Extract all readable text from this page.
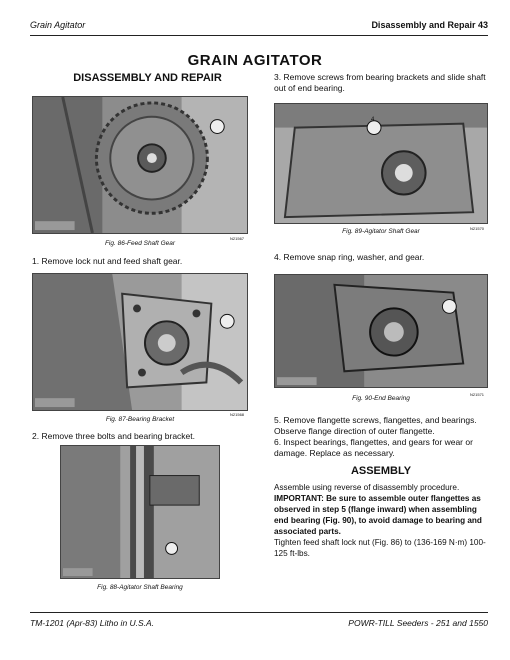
Grain Agitator	Disassembly and Repair 43
GRAIN AGITATOR
DISASSEMBLY AND REPAIR
Fig. 86-Feed Shaft Gear
N21567
1. Remove lock nut and feed shaft gear.
Fig. 87-Bearing Bracket
N21568
2. Remove three bolts and bearing bracket.
Fig. 88-Agitator Shaft Bearing
3. Remove screws from bearing brackets and slide shaft out of end bearing.
4
Fig. 89-Agitator Shaft Gear	N21570
4. Remove snap ring, washer, and gear.
Fig. 90-End Bearing
N21571
5. Remove flangette screws, flangettes, and bearings. Observe flange direction of outer flangette.
6. Inspect bearings, flangettes, and gears for wear or damage. Replace as necessary.
ASSEMBLY
Assemble using reverse of disassembly procedure.
IMPORTANT: Be sure to assemble outer flangettes as observed in step 5 (flange inward) when assembling end bearing (Fig. 90), to avoid damage to bearing and associated parts.
Tighten feed shaft lock nut (Fig. 86) to (136-169 N·m) 100-125 ft-lbs.
TM-1201 (Apr-83) Litho in U.S.A.	POWR-TILL Seeders - 251 and 1550
